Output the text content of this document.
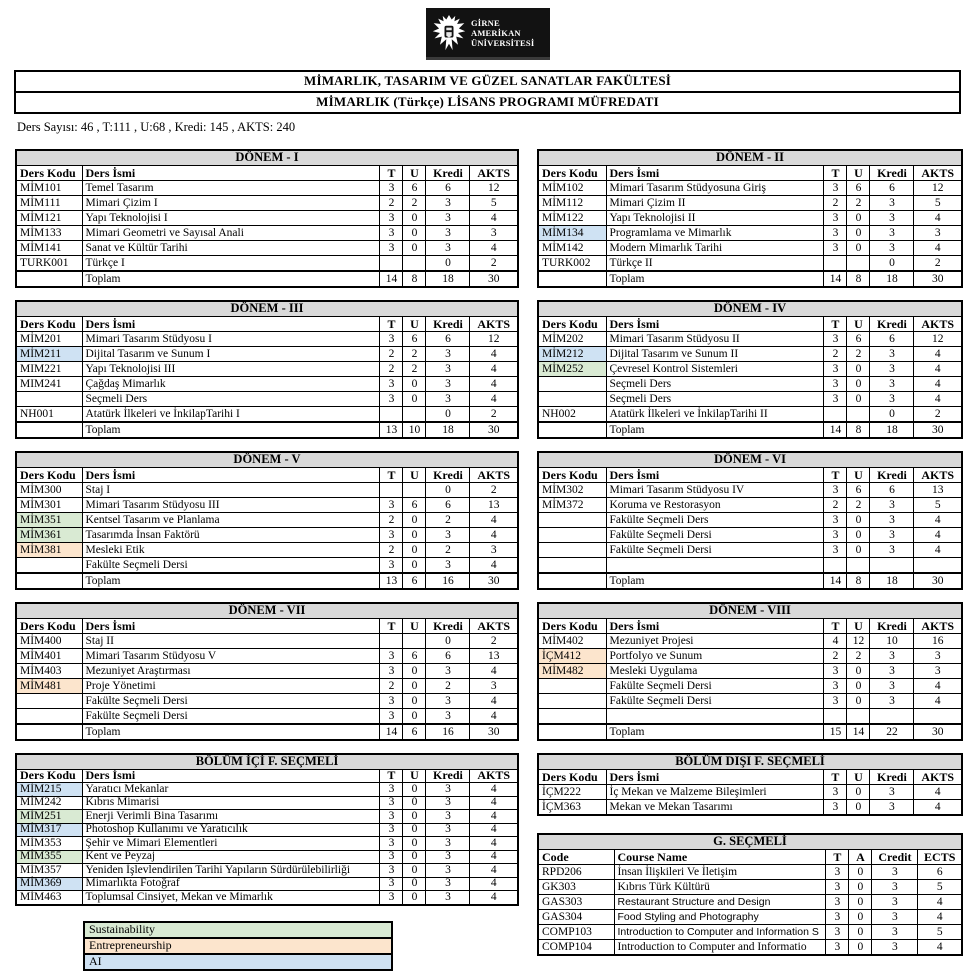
GİRNE
AMERİKAN
ÜNİVERSİTESİ
MİMARLIK, TASARIM VE GÜZEL SANATLAR FAKÜLTESİ
MİMARLIK (Türkçe) LİSANS PROGRAMI MÜFREDATI
Ders Sayısı: 46 , T:111 , U:68 , Kredi: 145 , AKTS: 240
DÖNEM - I					
Ders Kodu	Ders İsmi	T	U	Kredi	AKTS
MİM101	Temel Tasarım	3	6	6	12
MİM111	Mimari Çizim I	2	2	3	5
MİM121	Yapı Teknolojisi I	3	0	3	4
MİM133	Mimari Geometri ve Sayısal Anali	3	0	3	3
MİM141	Sanat ve Kültür Tarihi	3	0	3	4
TURK001	Türkçe I			0	2
	Toplam	14	8	18	30
DÖNEM - III					
Ders Kodu	Ders İsmi	T	U	Kredi	AKTS
MİM201	Mimari Tasarım Stüdyosu I	3	6	6	12
MİM211	Dijital Tasarım ve Sunum I	2	2	3	4
MIM221	Yapı Teknolojisi III	2	2	3	4
MIM241	Çağdaş Mimarlık	3	0	3	4
	Seçmeli Ders	3	0	3	4
NH001	Atatürk İlkeleri ve İnkilapTarihi I			0	2
	Toplam	13	10	18	30
DÖNEM - V					
Ders Kodu	Ders İsmi	T	U	Kredi	AKTS
MİM300	Staj I			0	2
MİM301	Mimari Tasarım Stüdyosu III	3	6	6	13
MİM351	Kentsel Tasarım ve Planlama	2	0	2	4
MİM361	Tasarımda İnsan Faktörü	3	0	3	4
MİM381	Mesleki Etik	2	0	2	3
	Fakülte Seçmeli Dersi	3	0	3	4
	Toplam	13	6	16	30
DÖNEM - VII					
Ders Kodu	Ders İsmi	T	U	Kredi	AKTS
MİM400	Staj II			0	2
MİM401	Mimari Tasarım Stüdyosu V	3	6	6	13
MİM403	Mezuniyet Araştırması	3	0	3	4
MİM481	Proje Yönetimi	2	0	2	3
	Fakülte Seçmeli Dersi	3	0	3	4
	Fakülte Seçmeli Dersi	3	0	3	4
	Toplam	14	6	16	30
BÖLÜM İÇİ F. SEÇMELİ					
Ders Kodu	Ders İsmi	T	U	Kredi	AKTS
MİM215	Yaratıcı Mekanlar	3	0	3	4
MİM242	Kıbrıs Mimarisi	3	0	3	4
MİM251	Enerji Verimli Bina Tasarımı	3	0	3	4
MİM317	Photoshop Kullanımı ve Yaratıcılık	3	0	3	4
MİM353	Şehir ve Mimari Elementleri	3	0	3	4
MİM355	Kent ve Peyzaj	3	0	3	4
MİM357	Yeniden İşlevlendirilen Tarihi Yapıların Sürdürülebilirliği	3	0	3	4
MİM369	Mimarlıkta Fotoğraf	3	0	3	4
MİM463	Toplumsal Cinsiyet, Mekan ve Mimarlık	3	0	3	4
Sustainability
Entrepreneurship
AI
DÖNEM - II					
Ders Kodu	Ders İsmi	T	U	Kredi	AKTS
MİM102	Mimari Tasarım Stüdyosuna Giriş	3	6	6	12
MİM112	Mimari Çizim II	2	2	3	5
MİM122	Yapı Teknolojisi II	3	0	3	4
MİM134	Programlama ve Mimarlık	3	0	3	3
MİM142	Modern Mimarlık Tarihi	3	0	3	4
TURK002	Türkçe II			0	2
	Toplam	14	8	18	30
DÖNEM - IV					
Ders Kodu	Ders İsmi	T	U	Kredi	AKTS
MİM202	Mimari Tasarım Stüdyosu II	3	6	6	12
MİM212	Dijital Tasarım ve Sunum II	2	2	3	4
MİM252	Çevresel Kontrol Sistemleri	3	0	3	4
	Seçmeli Ders	3	0	3	4
	Seçmeli Ders	3	0	3	4
NH002	Atatürk İlkeleri ve İnkilapTarihi II			0	2
	Toplam	14	8	18	30
DÖNEM - VI					
Ders Kodu	Ders İsmi	T	U	Kredi	AKTS
MİM302	Mimari Tasarım Stüdyosu IV	3	6	6	13
MİM372	Koruma ve Restorasyon	2	2	3	5
	Fakülte Seçmeli Ders	3	0	3	4
	Fakülte Seçmeli Dersi	3	0	3	4
	Fakülte Seçmeli Dersi	3	0	3	4

	Toplam	14	8	18	30
DÖNEM - VIII					
Ders Kodu	Ders İsmi	T	U	Kredi	AKTS
MİM402	Mezuniyet Projesi	4	12	10	16
İÇM412	Portfolyo ve Sunum	2	2	3	3
MİM482	Mesleki Uygulama	3	0	3	3
	Fakülte Seçmeli Dersi	3	0	3	4
	Fakülte Seçmeli Dersi	3	0	3	4

	Toplam	15	14	22	30
BÖLÜM DIŞI F. SEÇMELİ					
Ders Kodu	Ders İsmi	T	U	Kredi	AKTS
İÇM222	İç Mekan ve Malzeme Bileşimleri	3	0	3	4
İÇM363	Mekan ve Mekan Tasarımı	3	0	3	4
G. SEÇMELİ					
Code	Course Name	T	A	Credit	ECTS
RPD206	İnsan İlişkileri Ve İletişim	3	0	3	6
GK303	Kıbrıs Türk Kültürü	3	0	3	5
GAS303	Restaurant Structure and Design	3	0	3	4
GAS304	Food Styling and Photography	3	0	3	4
COMP103	Introduction to Computer and Information S	3	0	3	5
COMP104	Introduction to Computer and Informatio	3	0	3	4
